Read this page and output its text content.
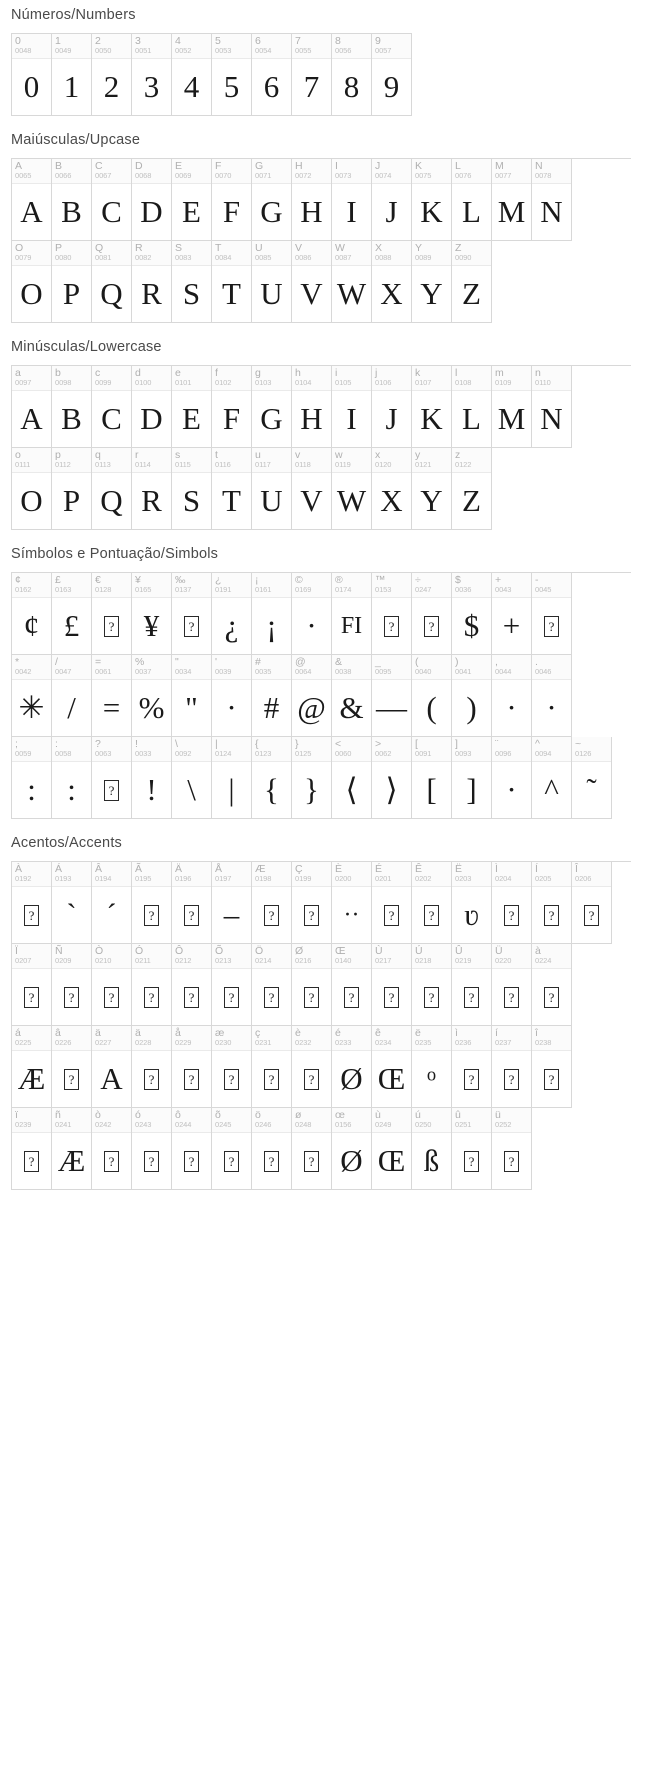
Números/Numbers
0
0048
0
1
0049
1
2
0050
2
3
0051
3
4
0052
4
5
0053
5
6
0054
6
7
0055
7
8
0056
8
9
0057
9
Maiúsculas/Upcase
A
0065
A
B
0066
B
C
0067
C
D
0068
D
E
0069
E
F
0070
F
G
0071
G
H
0072
H
I
0073
I
J
0074
J
K
0075
K
L
0076
L
M
0077
M
N
0078
N
O
0079
O
P
0080
P
Q
0081
Q
R
0082
R
S
0083
S
T
0084
T
U
0085
U
V
0086
V
W
0087
W
X
0088
X
Y
0089
Y
Z
0090
Z
Minúsculas/Lowercase
a
0097
A
b
0098
B
c
0099
C
d
0100
D
e
0101
E
f
0102
F
g
0103
G
h
0104
H
i
0105
I
j
0106
J
k
0107
K
l
0108
L
m
0109
M
n
0110
N
o
0111
O
p
0112
P
q
0113
Q
r
0114
R
s
0115
S
t
0116
T
u
0117
U
v
0118
V
w
0119
W
x
0120
X
y
0121
Y
z
0122
Z
Símbolos e Pontuação/Simbols
¢
0162
¢
£
0163
£
€
0128
?
¥
0165
¥
‰
0137
?
¿
0191
¿
¡
0161
¡
©
0169
·
®
0174
FI
™
0153
?
÷
0247
?
$
0036
$
+
0043
+
-
0045
?
*
0042
✳
/
0047
/
=
0061
=
%
0037
%
"
0034
"
'
0039
·
#
0035
#
@
0064
@
&
0038
&
_
0095
—
(
0040
(
)
0041
)
,
0044
·
.
0046
·
;
0059
:
:
0058
:
?
0063
?
!
0033
!
\
0092
\
|
0124
|
{
0123
{
}
0125
}
<
0060
⟨
>
0062
⟩
[
0091
[
]
0093
]
¨
0096
·
^
0094
^
~
0126
˜
Acentos/Accents
À
0192
?
Á
0193
`
Â
0194
´
Ã
0195
?
Ä
0196
?
Å
0197
–
Æ
0198
?
Ç
0199
?
È
0200
··
É
0201
?
Ê
0202
?
Ë
0203
ʋ
Ì
0204
?
Í
0205
?
Î
0206
?
Ï
0207
?
Ñ
0209
?
Ò
0210
?
Ó
0211
?
Ô
0212
?
Õ
0213
?
Ö
0214
?
Ø
0216
?
Œ
0140
?
Ù
0217
?
Ú
0218
?
Û
0219
?
Ü
0220
?
à
0224
?
á
0225
Æ
â
0226
?
ä
0227
A
ä
0228
?
å
0229
?
æ
0230
?
ç
0231
?
è
0232
?
é
0233
Ø
ê
0234
Œ
ë
0235
ᵒ
ì
0236
?
í
0237
?
î
0238
?
ï
0239
?
ñ
0241
Æ
ò
0242
?
ó
0243
?
ô
0244
?
õ
0245
?
ö
0246
?
ø
0248
?
œ
0156
Ø
ù
0249
Œ
ú
0250
ß
û
0251
?
ü
0252
?
